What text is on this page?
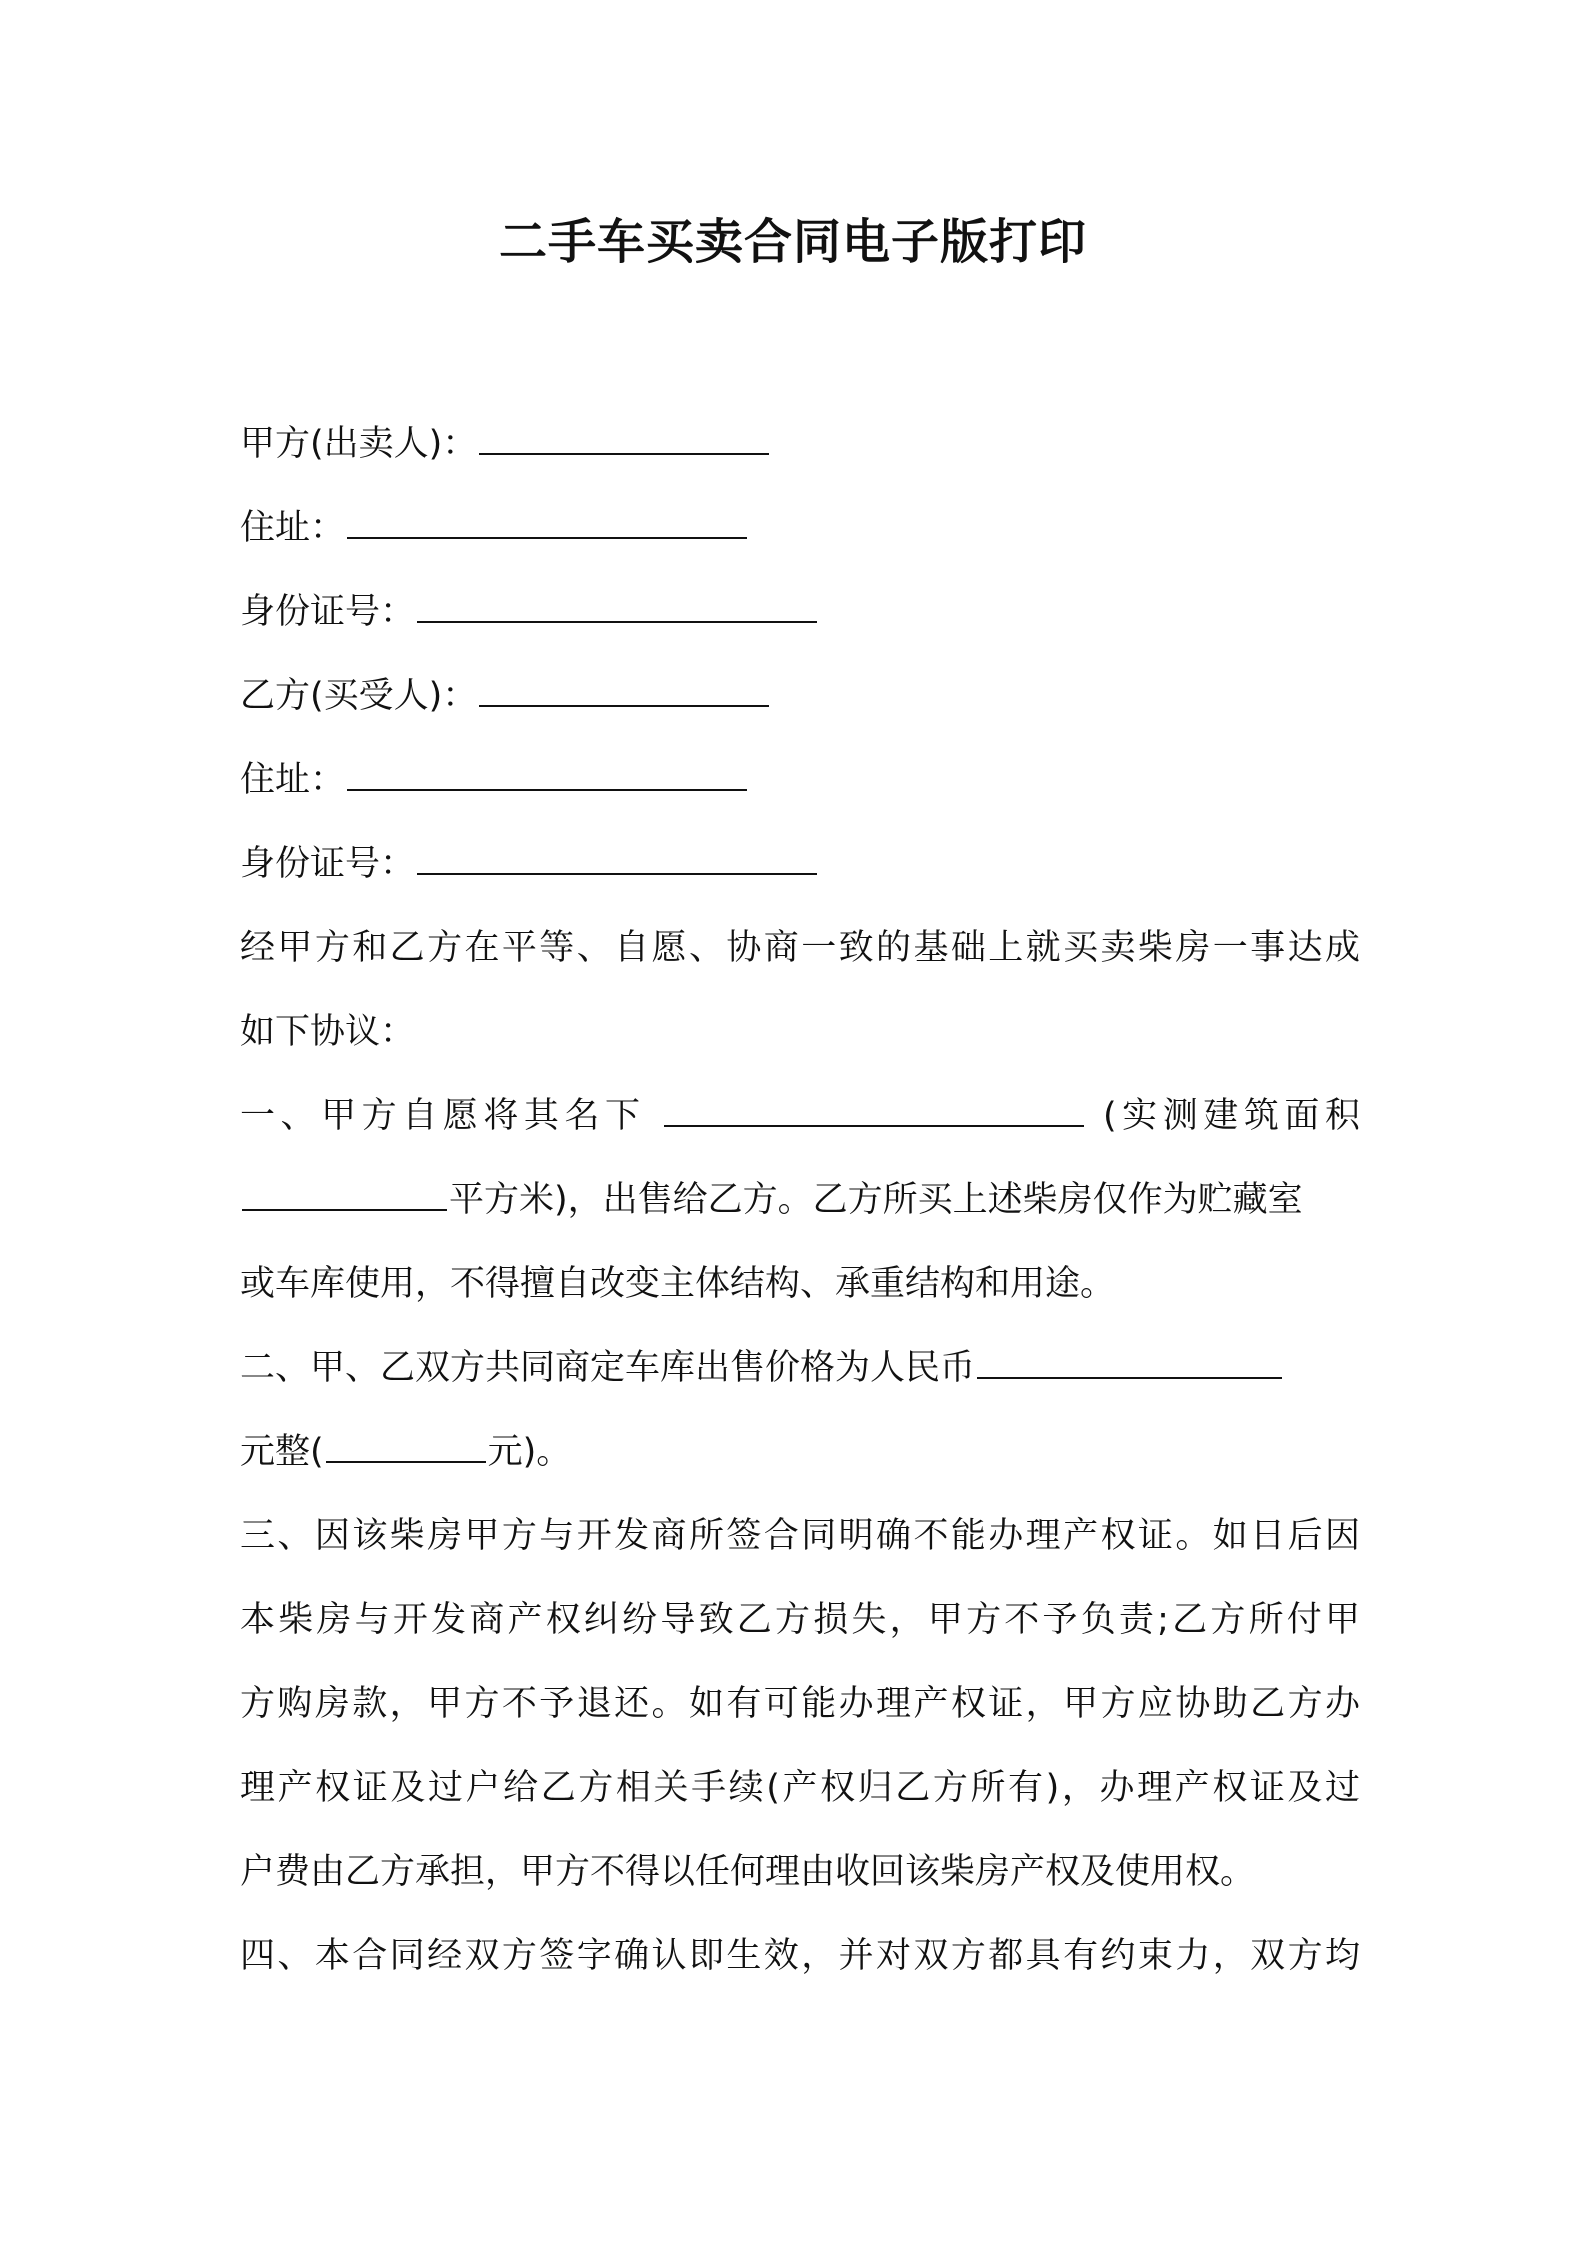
二手车买卖合同电子版打印
甲方(出卖人)：
住址：
身份证号：
乙方(买受人)：
住址：
身份证号：
经甲方和乙方在平等、自愿、协商一致的基础上就买卖柴房一事达成
如下协议：
一、甲方自愿将其名下	(实测建筑面积
平方米)，出售给乙方。乙方所买上述柴房仅作为贮藏室
或车库使用，不得擅自改变主体结构、承重结构和用途。
二、甲、乙双方共同商定车库出售价格为人民币
元整(	元)。
三、因该柴房甲方与开发商所签合同明确不能办理产权证。如日后因
本柴房与开发商产权纠纷导致乙方损失，甲方不予负责;乙方所付甲
方购房款，甲方不予退还。如有可能办理产权证，甲方应协助乙方办
理产权证及过户给乙方相关手续(产权归乙方所有)，办理产权证及过
户费由乙方承担，甲方不得以任何理由收回该柴房产权及使用权。
四、本合同经双方签字确认即生效，并对双方都具有约束力，双方均
